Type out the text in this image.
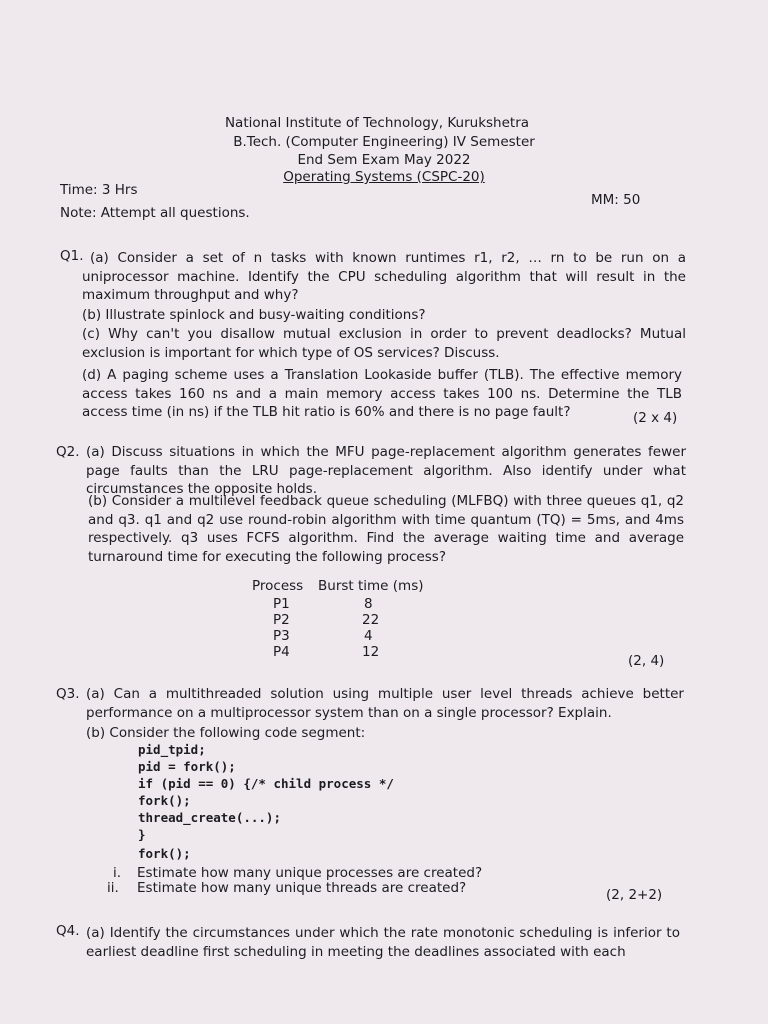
National Institute of Technology, Kurukshetra
B.Tech. (Computer Engineering) IV Semester
End Sem Exam May 2022
Operating Systems (CSPC-20)
Time: 3 Hrs
MM: 50
Note: Attempt all questions.
Q1. (a) Consider a set of n tasks with known runtimes r1, r2, … rn to be run on a uniprocessor machine. Identify the CPU scheduling algorithm that will result in the maximum throughput and why?
(b) Illustrate spinlock and busy-waiting conditions?
(c) Why can't you disallow mutual exclusion in order to prevent deadlocks? Mutual exclusion is important for which type of OS services? Discuss.
(d) A paging scheme uses a Translation Lookaside buffer (TLB). The effective memory access takes 160 ns and a main memory access takes 100 ns. Determine the TLB access time (in ns) if the TLB hit ratio is 60% and there is no page fault?	(2 x 4)
Q2. (a) Discuss situations in which the MFU page-replacement algorithm generates fewer page faults than the LRU page-replacement algorithm. Also identify under what circumstances the opposite holds.
(b) Consider a multilevel feedback queue scheduling (MLFBQ) with three queues q1, q2 and q3. q1 and q2 use round-robin algorithm with time quantum (TQ) = 5ms, and 4ms respectively. q3 uses FCFS algorithm. Find the average waiting time and average turnaround time for executing the following process?
Process Burst time (ms)
P1	8
P2	22
P3	4
P4	12
(2, 4)
Q3. (a) Can a multithreaded solution using multiple user level threads achieve better performance on a multiprocessor system than on a single processor? Explain.
(b) Consider the following code segment:
pid_tpid;
pid = fork();
if (pid == 0) {/* child process */
fork();
thread_create(...);
}
fork();
i. Estimate how many unique processes are created?
ii. Estimate how many unique threads are created?	(2, 2+2)
Q4. (a) Identify the circumstances under which the rate monotonic scheduling is inferior to earliest deadline first scheduling in meeting the deadlines associated with each
